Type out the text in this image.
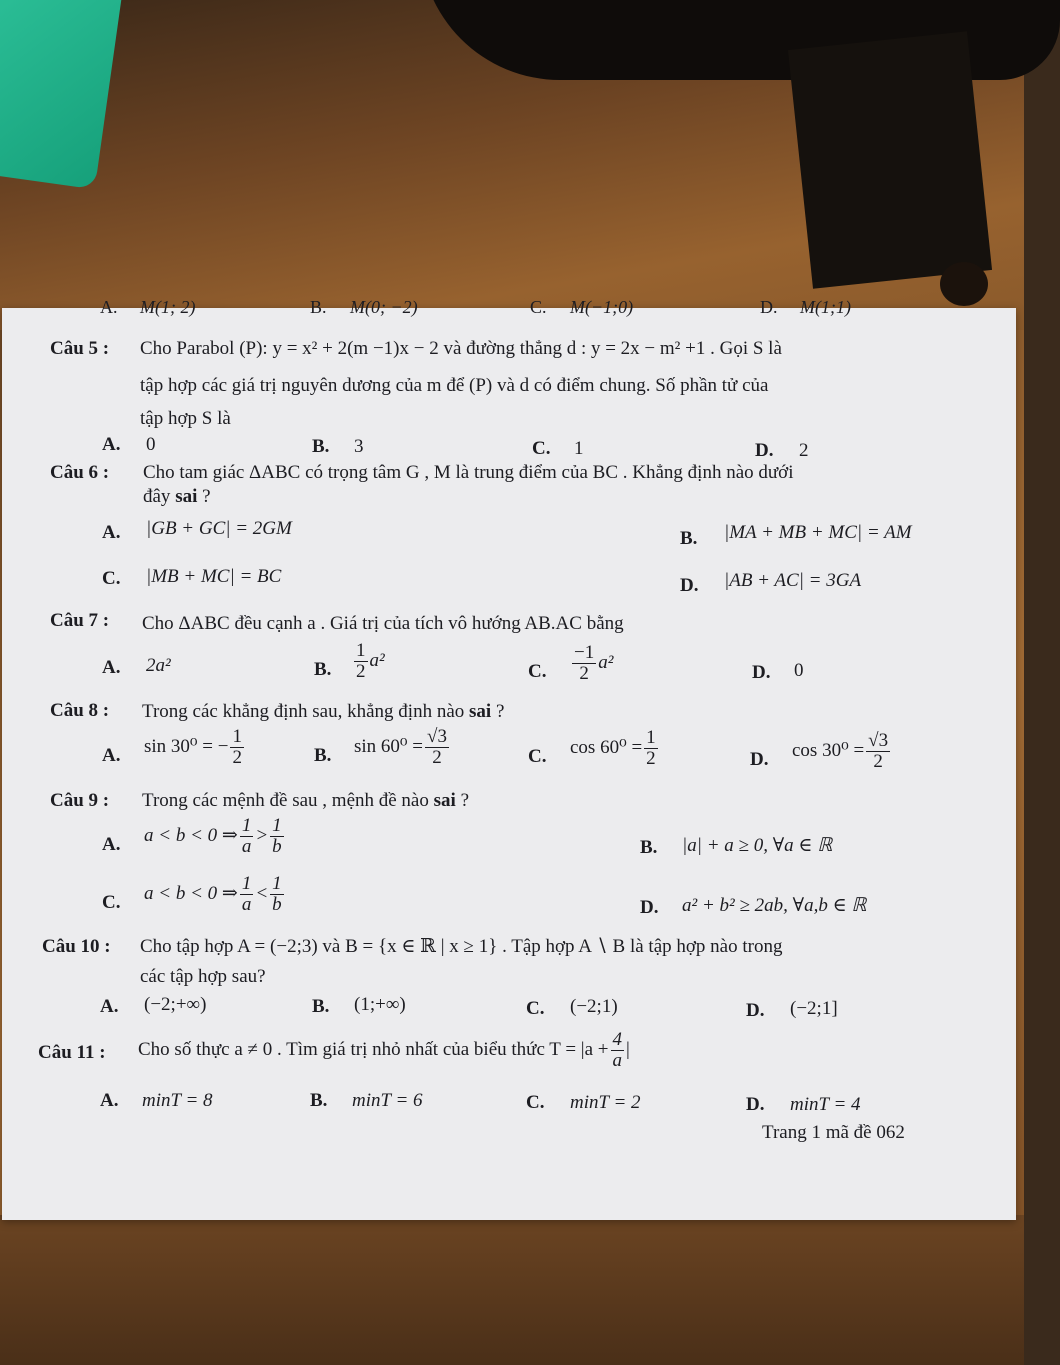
A. M(1; 2)	B. M(0; −2)	C. M(−1;0)	D. M(1;1)
Câu 5 : Cho Parabol (P): y = x² + 2(m −1)x − 2 và đường thẳng d : y = 2x − m² +1 . Gọi S là
tập hợp các giá trị nguyên dương của m để (P) và d có điểm chung. Số phần tử của
tập hợp S là
A. 0	B. 3	C. 1	D. 2
Câu 6 : Cho tam giác ΔABC có trọng tâm G , M là trung điểm của BC . Khẳng định nào dưới
đây sai ?
A. |GB + GC| = 2GM	B. |MA + MB + MC| = AM
C. |MB + MC| = BC	D. |AB + AC| = 3GA
Câu 7 : Cho ΔABC đều cạnh a . Giá trị của tích vô hướng AB.AC bằng
A. 2a²	B. $\frac{1}{2} a^2$
C. $\frac{-1}{2} a^2$	D. 0
Câu 8 : Trong các khẳng định sau, khẳng định nào sai ?
A. sin 30⁰ = − $\frac{1}{2}$	B. $\sin 60^0 = \frac{√3}{2}$	C. $\cos 60^0 = \frac{1}{2}$	D. $\cos 30^0 = \frac{√3}{2}$
Câu 9 : Trong các mệnh đề sau , mệnh đề nào sai ?
A. a < b < 0 ⇒ $\frac{1}{a} > \frac{1}{b}$	B. |a| + a ≥ 0, ∀a ∈ ℝ
C. a < b < 0 ⇒ $\frac{1}{a} < \frac{1}{b}$	D. a² + b² ≥ 2ab, ∀a,b ∈ ℝ
Câu 10 : Cho tập hợp A = (−2;3) và B = {x ∈ ℝ | x ≥ 1} . Tập hợp A ∖ B là tập hợp nào trong
các tập hợp sau?
A. (−2;+∞)	B. (1;+∞)	C. (−2;1)	D. (−2;1]
Câu 11 : Cho số thực a ≠ 0 . Tìm giá trị nhỏ nhất của biểu thức $T = |a + \frac{4}{a}$ |
A. minT = 8	B. minT = 6	C. minT = 2	D. minT = 4
Trang 1 mã đề 062
